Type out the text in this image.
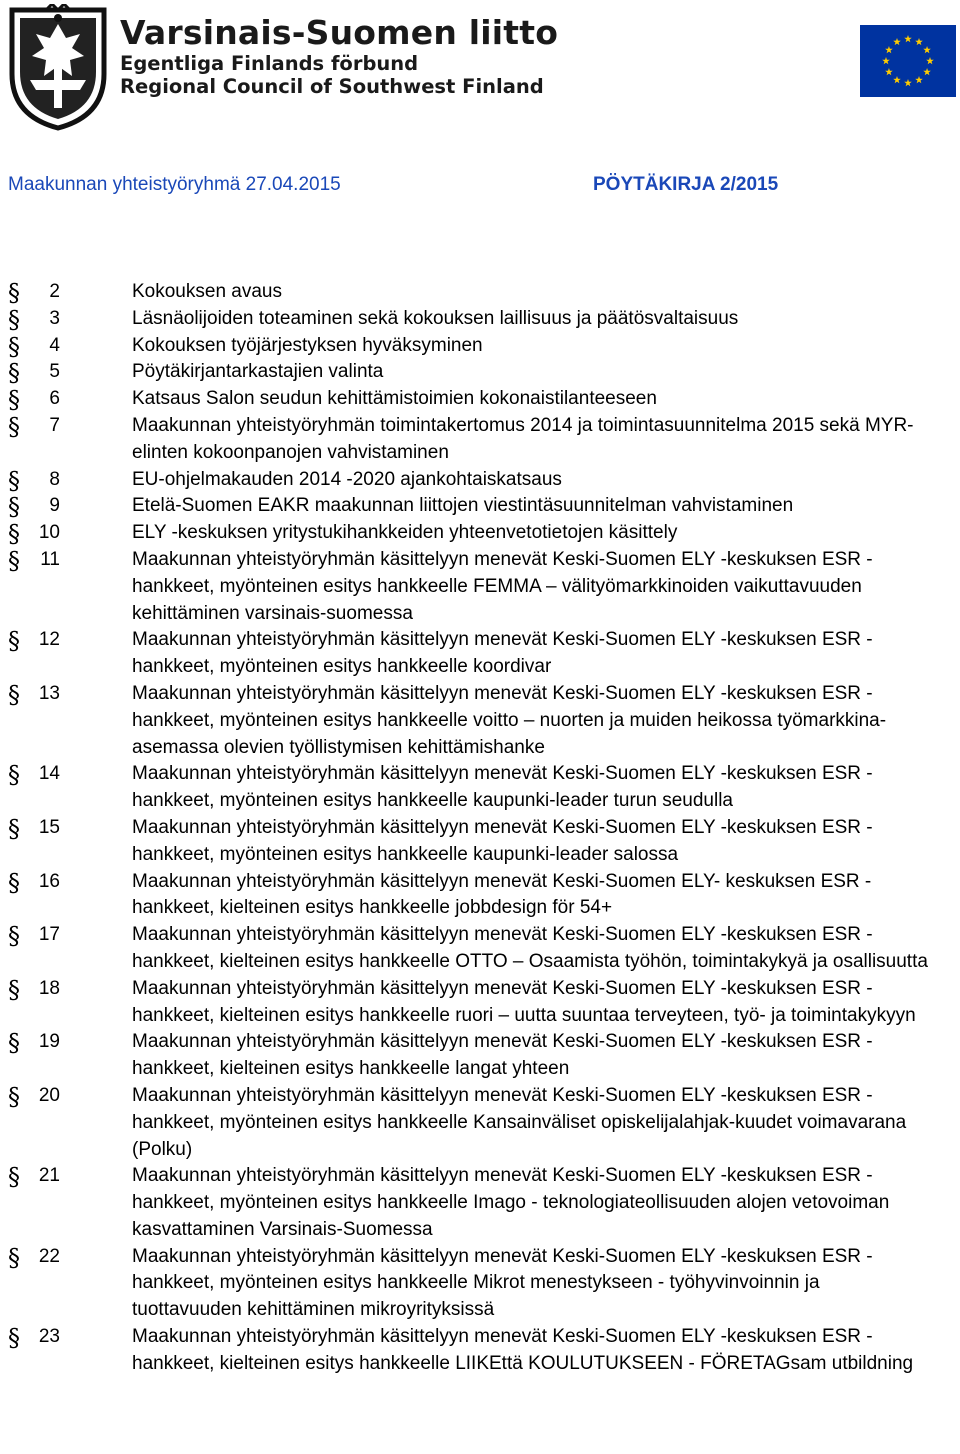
Varsinais-Suomen liitto
Egentliga Finlands förbund
Regional Council of Southwest Finland
Maakunnan yhteistyöryhmä 27.04.2015	PÖYTÄKIRJA 2/2015
§	2	Kokouksen avaus
§	3	Läsnäolijoiden toteaminen sekä kokouksen laillisuus ja päätösvaltaisuus
§	4	Kokouksen työjärjestyksen hyväksyminen
§	5	Pöytäkirjantarkastajien valinta
§	6	Katsaus Salon seudun kehittämistoimien kokonaistilanteeseen
§	7	Maakunnan yhteistyöryhmän toimintakertomus 2014 ja toimintasuunnitelma 2015 sekä MYR-elinten kokoonpanojen vahvistaminen
§	8	EU-ohjelmakauden 2014 -2020 ajankohtaiskatsaus
§	9	Etelä-Suomen EAKR maakunnan liittojen viestintäsuunnitelman vahvistaminen
§ 10	ELY -keskuksen yritystukihankkeiden yhteenvetotietojen käsittely
§	11	Maakunnan yhteistyöryhmän käsittelyyn menevät Keski-Suomen ELY -keskuksen ESR - hankkeet, myönteinen esitys hankkeelle FEMMA – välityömarkkinoiden vaikuttavuuden kehittäminen varsinais-suomessa
§ 12	Maakunnan yhteistyöryhmän käsittelyyn menevät Keski-Suomen ELY -keskuksen ESR - hankkeet, myönteinen esitys hankkeelle koordivar
§ 13	Maakunnan yhteistyöryhmän käsittelyyn menevät Keski-Suomen ELY -keskuksen ESR - hankkeet, myönteinen esitys hankkeelle voitto – nuorten ja muiden heikossa työmarkkina-asemassa olevien työllistymisen kehittämishanke
§ 14	Maakunnan yhteistyöryhmän käsittelyyn menevät Keski-Suomen ELY -keskuksen ESR - hankkeet, myönteinen esitys hankkeelle kaupunki-leader turun seudulla
§ 15	Maakunnan yhteistyöryhmän käsittelyyn menevät Keski-Suomen ELY -keskuksen ESR - hankkeet, myönteinen esitys hankkeelle kaupunki-leader salossa
§ 16	Maakunnan yhteistyöryhmän käsittelyyn menevät Keski-Suomen ELY- keskuksen ESR - hankkeet, kielteinen esitys hankkeelle jobbdesign för 54+
§ 17	Maakunnan yhteistyöryhmän käsittelyyn menevät Keski-Suomen ELY -keskuksen ESR - hankkeet, kielteinen esitys hankkeelle OTTO – Osaamista työhön, toimintakykyä ja osallisuutta
§ 18	Maakunnan yhteistyöryhmän käsittelyyn menevät Keski-Suomen ELY -keskuksen ESR - hankkeet, kielteinen esitys hankkeelle ruori – uutta suuntaa terveyteen, työ- ja toimintakykyyn
§ 19	Maakunnan yhteistyöryhmän käsittelyyn menevät Keski-Suomen ELY -keskuksen ESR - hankkeet, kielteinen esitys hankkeelle langat yhteen
§ 20	Maakunnan yhteistyöryhmän käsittelyyn menevät Keski-Suomen ELY -keskuksen ESR - hankkeet, myönteinen esitys hankkeelle Kansainväliset opiskelijalahjak-kuudet voimavarana (Polku)
§ 21	Maakunnan yhteistyöryhmän käsittelyyn menevät Keski-Suomen ELY -keskuksen ESR - hankkeet, myönteinen esitys hankkeelle Imago - teknologiateollisuuden alojen vetovoiman kasvattaminen Varsinais-Suomessa
§ 22	Maakunnan yhteistyöryhmän käsittelyyn menevät Keski-Suomen ELY -keskuksen ESR - hankkeet, myönteinen esitys hankkeelle Mikrot menestykseen - työhyvinvoinnin ja tuottavuuden kehittäminen mikroyrityksissä
§ 23	Maakunnan yhteistyöryhmän käsittelyyn menevät Keski-Suomen ELY -keskuksen ESR - hankkeet, kielteinen esitys hankkeelle LIIKEttä KOULUTUKSEEN - FÖRETAGsam utbildning
